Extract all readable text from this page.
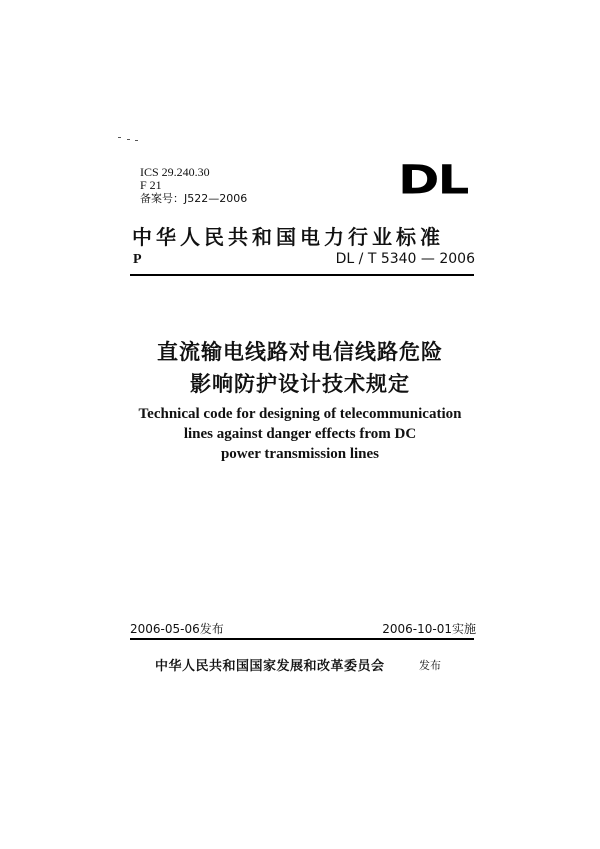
ICS 29.240.30
F 21
备案号：J522—2006	DL
中华人民共和国电力行业标准
P	DL / T 5340 — 2006
直流输电线路对电信线路危险
影响防护设计技术规定
Technical code for designing of telecommunication
lines against danger effects from DC
power transmission lines
2006-05-06发布	2006-10-01实施
中华人民共和国国家发展和改革委员会	发布
